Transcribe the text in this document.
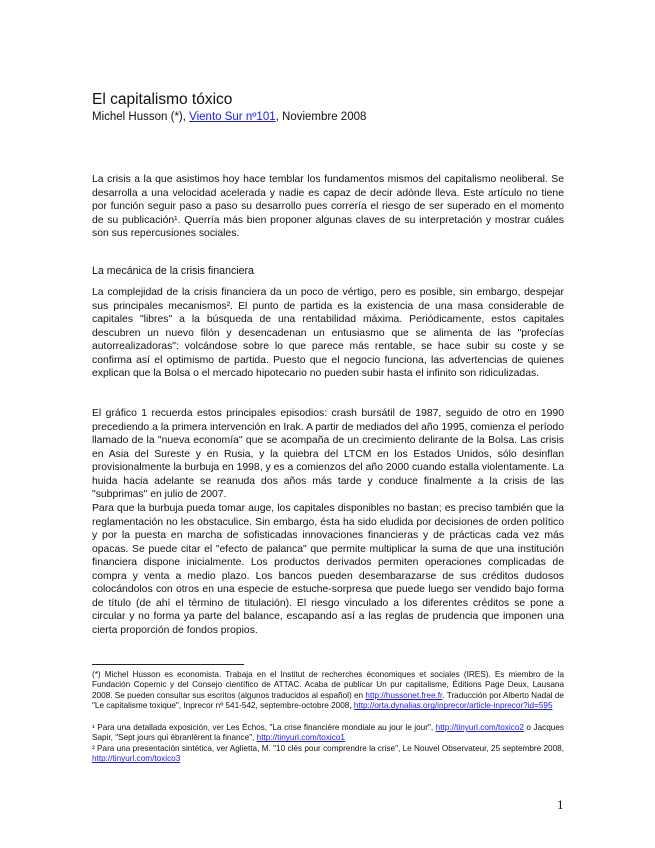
El capitalismo tóxico
Michel Husson (*), Viento Sur nº101, Noviembre 2008

La crisis a la que asistimos hoy hace temblar los fundamentos mismos del capitalismo neoliberal. Se desarrolla a una velocidad acelerada y nadie es capaz de decir adónde lleva. Este artículo no tiene por función seguir paso a paso su desarrollo pues correría el riesgo de ser superado en el momento de su publicación¹. Querría más bien proponer algunas claves de su interpretación y mostrar cuáles son sus repercusiones sociales.

La mecánica de la crisis financiera

La complejidad de la crisis financiera da un poco de vértigo, pero es posible, sin embargo, despejar sus principales mecanismos². El punto de partida es la existencia de una masa considerable de capitales "libres" a la búsqueda de una rentabilidad máxima. Periódicamente, estos capitales descubren un nuevo filón y desencadenan un entusiasmo que se alimenta de las "profecías autorrealizadoras": volcándose sobre lo que parece más rentable, se hace subir su coste y se confirma así el optimismo de partida. Puesto que el negocio funciona, las advertencias de quienes explican que la Bolsa o el mercado hipotecario no pueden subir hasta el infinito son ridiculizadas.

El gráfico 1 recuerda estos principales episodios: crash bursátil de 1987, seguido de otro en 1990 precediendo a la primera intervención en Irak. A partir de mediados del año 1995, comienza el período llamado de la "nueva economía" que se acompaña de un crecimiento delirante de la Bolsa. Las crisis en Asia del Sureste y en Rusia, y la quiebra del LTCM en los Estados Unidos, sólo desinflan provisionalmente la burbuja en 1998, y es a comienzos del año 2000 cuando estalla violentamente. La huida hacia adelante se reanuda dos años más tarde y conduce finalmente a la crisis de las "subprimas" en julio de 2007.

Para que la burbuja pueda tomar auge, los capitales disponibles no bastan; es preciso también que la reglamentación no les obstaculice. Sin embargo, ésta ha sido eludida por decisiones de orden político y por la puesta en marcha de sofisticadas innovaciones financieras y de prácticas cada vez más opacas. Se puede citar el "efecto de palanca" que permite multiplicar la suma de que una institución financiera dispone inicialmente. Los productos derivados permiten operaciones complicadas de compra y venta a medio plazo. Los bancos pueden desembarazarse de sus créditos dudosos colocándolos con otros en una especie de estuche-sorpresa que puede luego ser vendido bajo forma de título (de ahí el término de titulación). El riesgo vinculado a los diferentes créditos se pone a circular y no forma ya parte del balance, escapando así a las reglas de prudencia que imponen una cierta proporción de fondos propios.

(*) Michel Husson es economista. Trabaja en el Institut de recherches économiques et sociales (IRES). Es miembro de la Fundación Copernic y del Consejo científico de ATTAC. Acaba de publicar Un pur capitalisme, Éditions Page Deux, Lausana 2008. Se pueden consultar sus escritos (algunos traducidos al español) en http://hussonet.free.fr. Traducción por Alberto Nadal de "Le capitalisme toxique", Inprecor nº 541-542, septembre-octobre 2008, http://orta.dynalias.org/inprecor/article-inprecor?id=595

¹ Para una detallada exposición, ver Les Échos, "La crise financière mondiale au jour le jour", http://tinyurl.com/toxico2 o Jacques Sapir, "Sept jours qui ébranlèrent la finance", http://tinyurl.com/toxico1

² Para una presentación sintética, ver Aglietta, M. "10 clés pour comprendre la crise", Le Nouvel Observateur, 25 septembre 2008, http://tinyurl.com/toxico3

1
